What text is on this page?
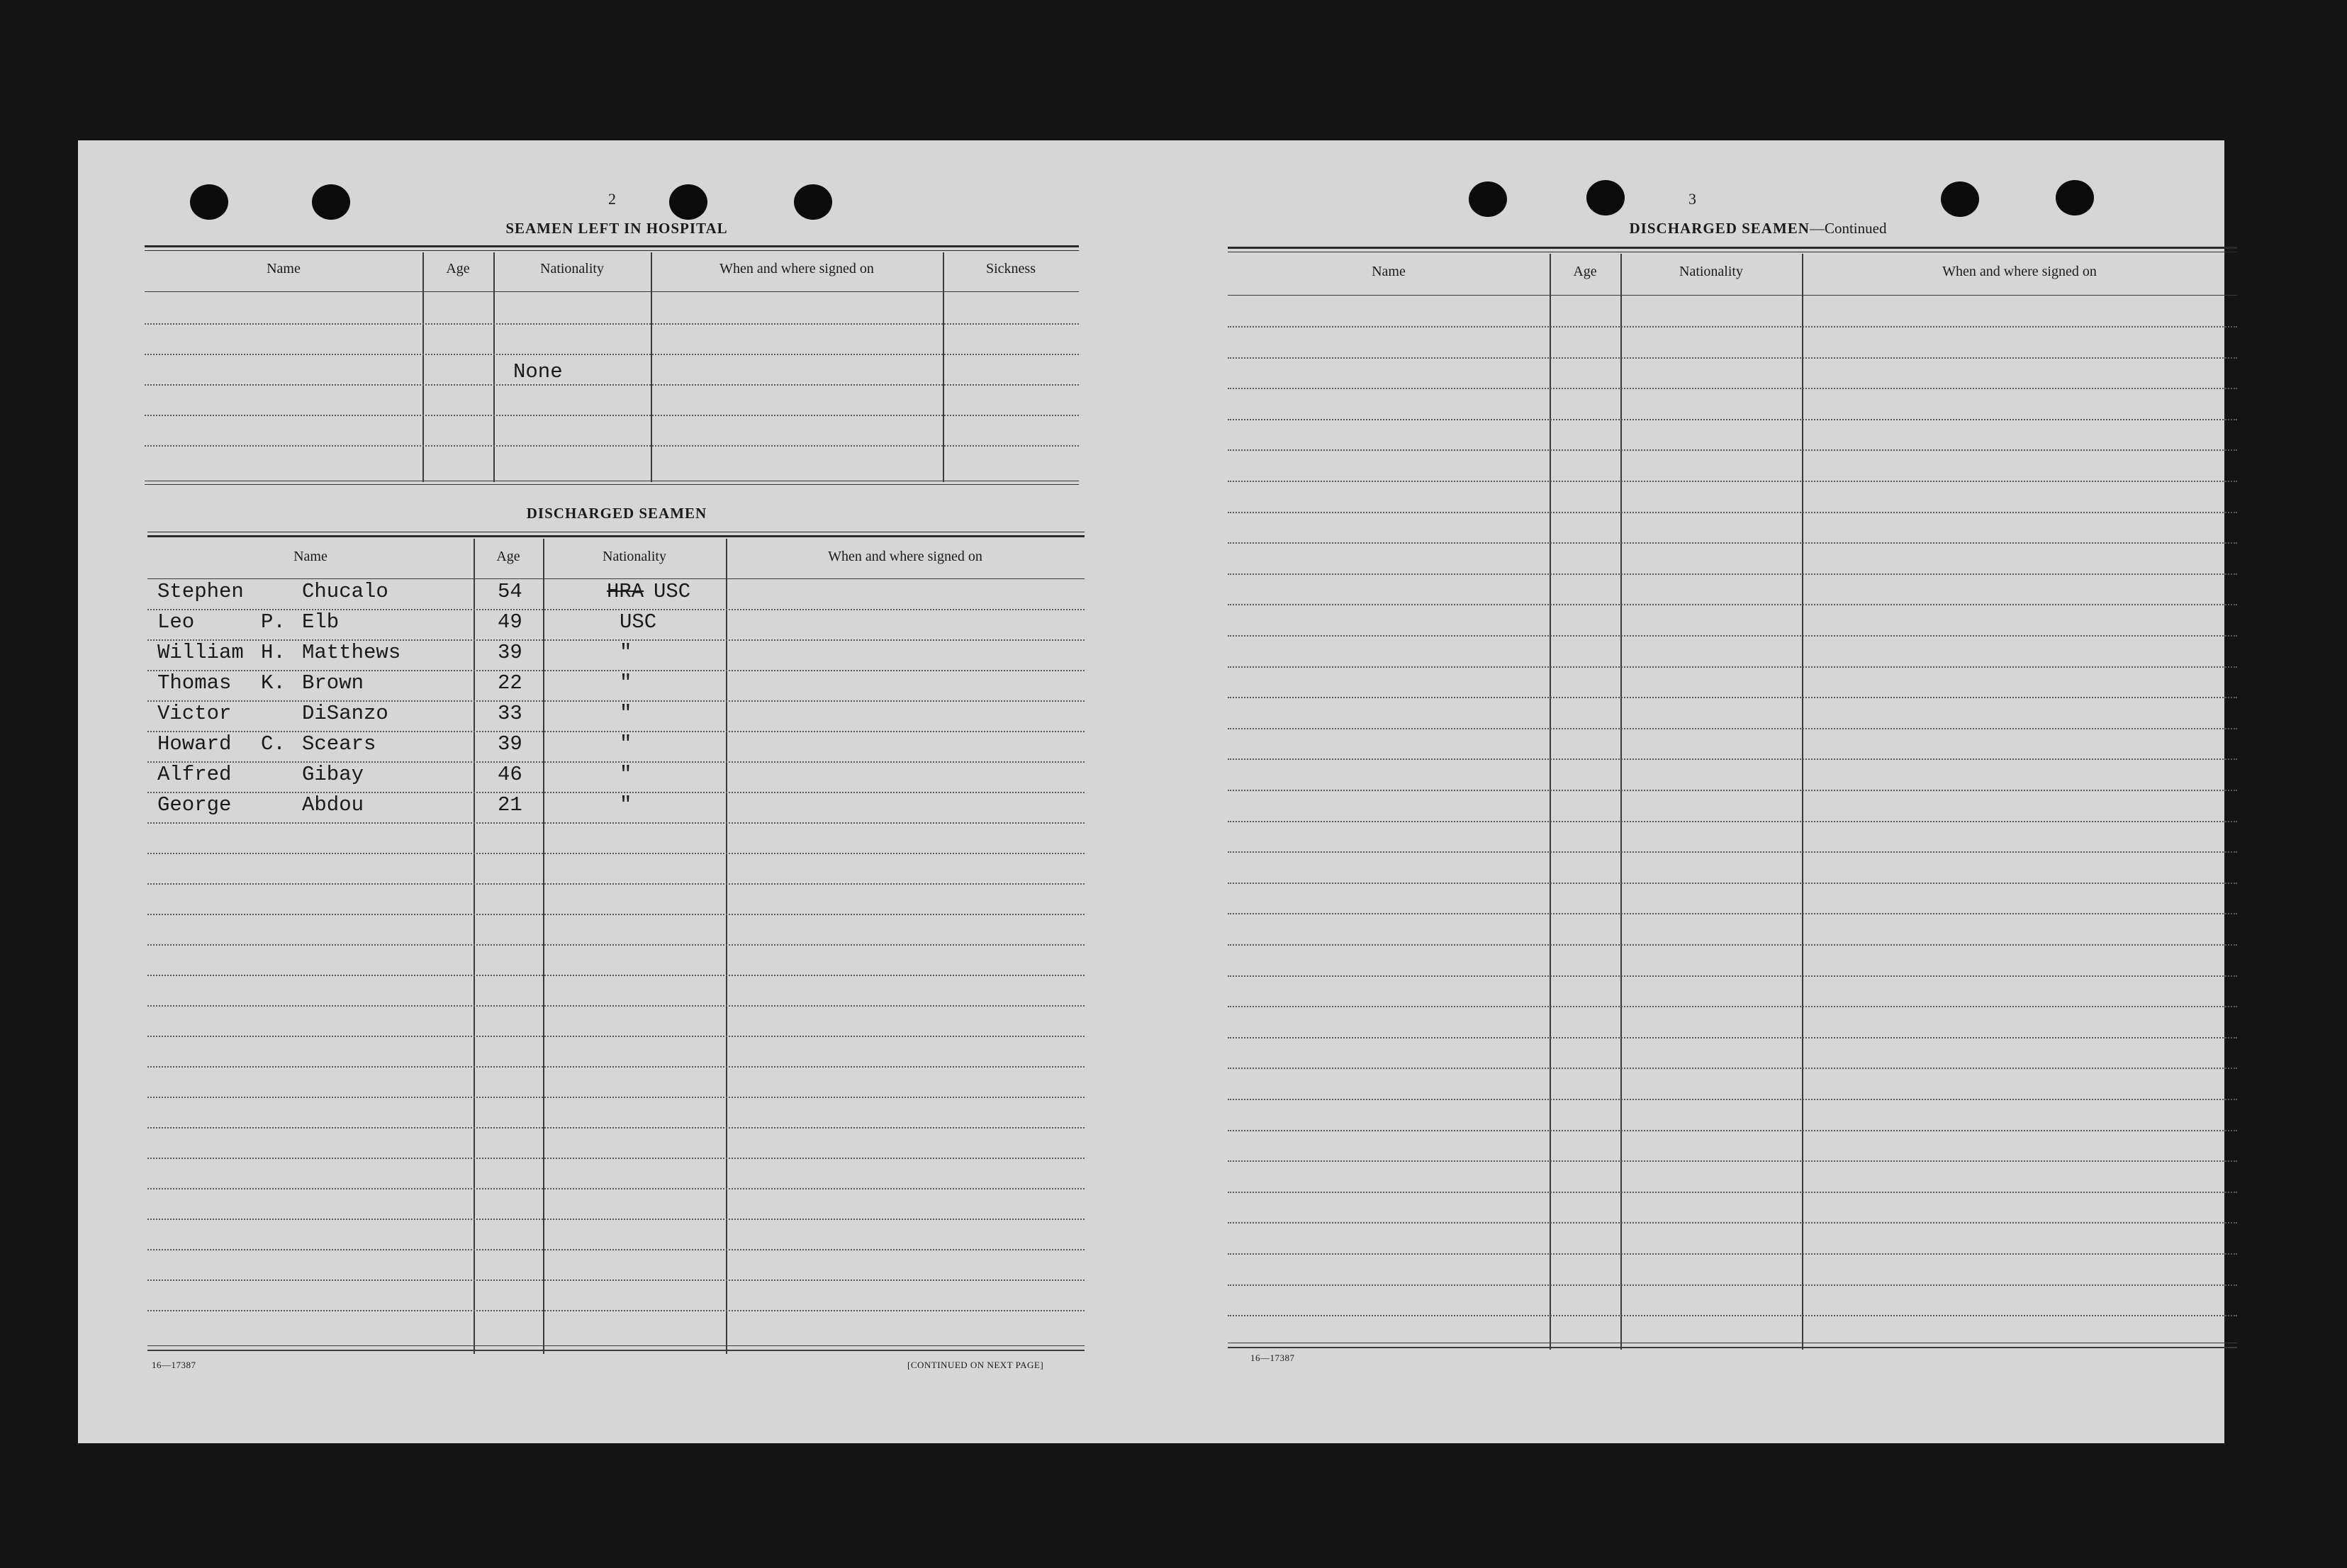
2
SEAMEN LEFT IN HOSPITAL
Name	Age	Nationality	When and where signed on	Sickness
None
DISCHARGED SEAMEN
Name	Age	Nationality	When and where signed on
Stephen	Chucalo	54	HRA USC
Leo	P. Elb	49	USC
William H. Matthews	39	"
Thomas K. Brown	22	"
Victor	DiSanzo	33	"
Howard C. Scears	39	"
Alfred	Gibay	46	"
George	Abdou	21	"
16—17387	[CONTINUED ON NEXT PAGE]
3
DISCHARGED SEAMEN—Continued
Name	Age	Nationality	When and where signed on
16—17387
